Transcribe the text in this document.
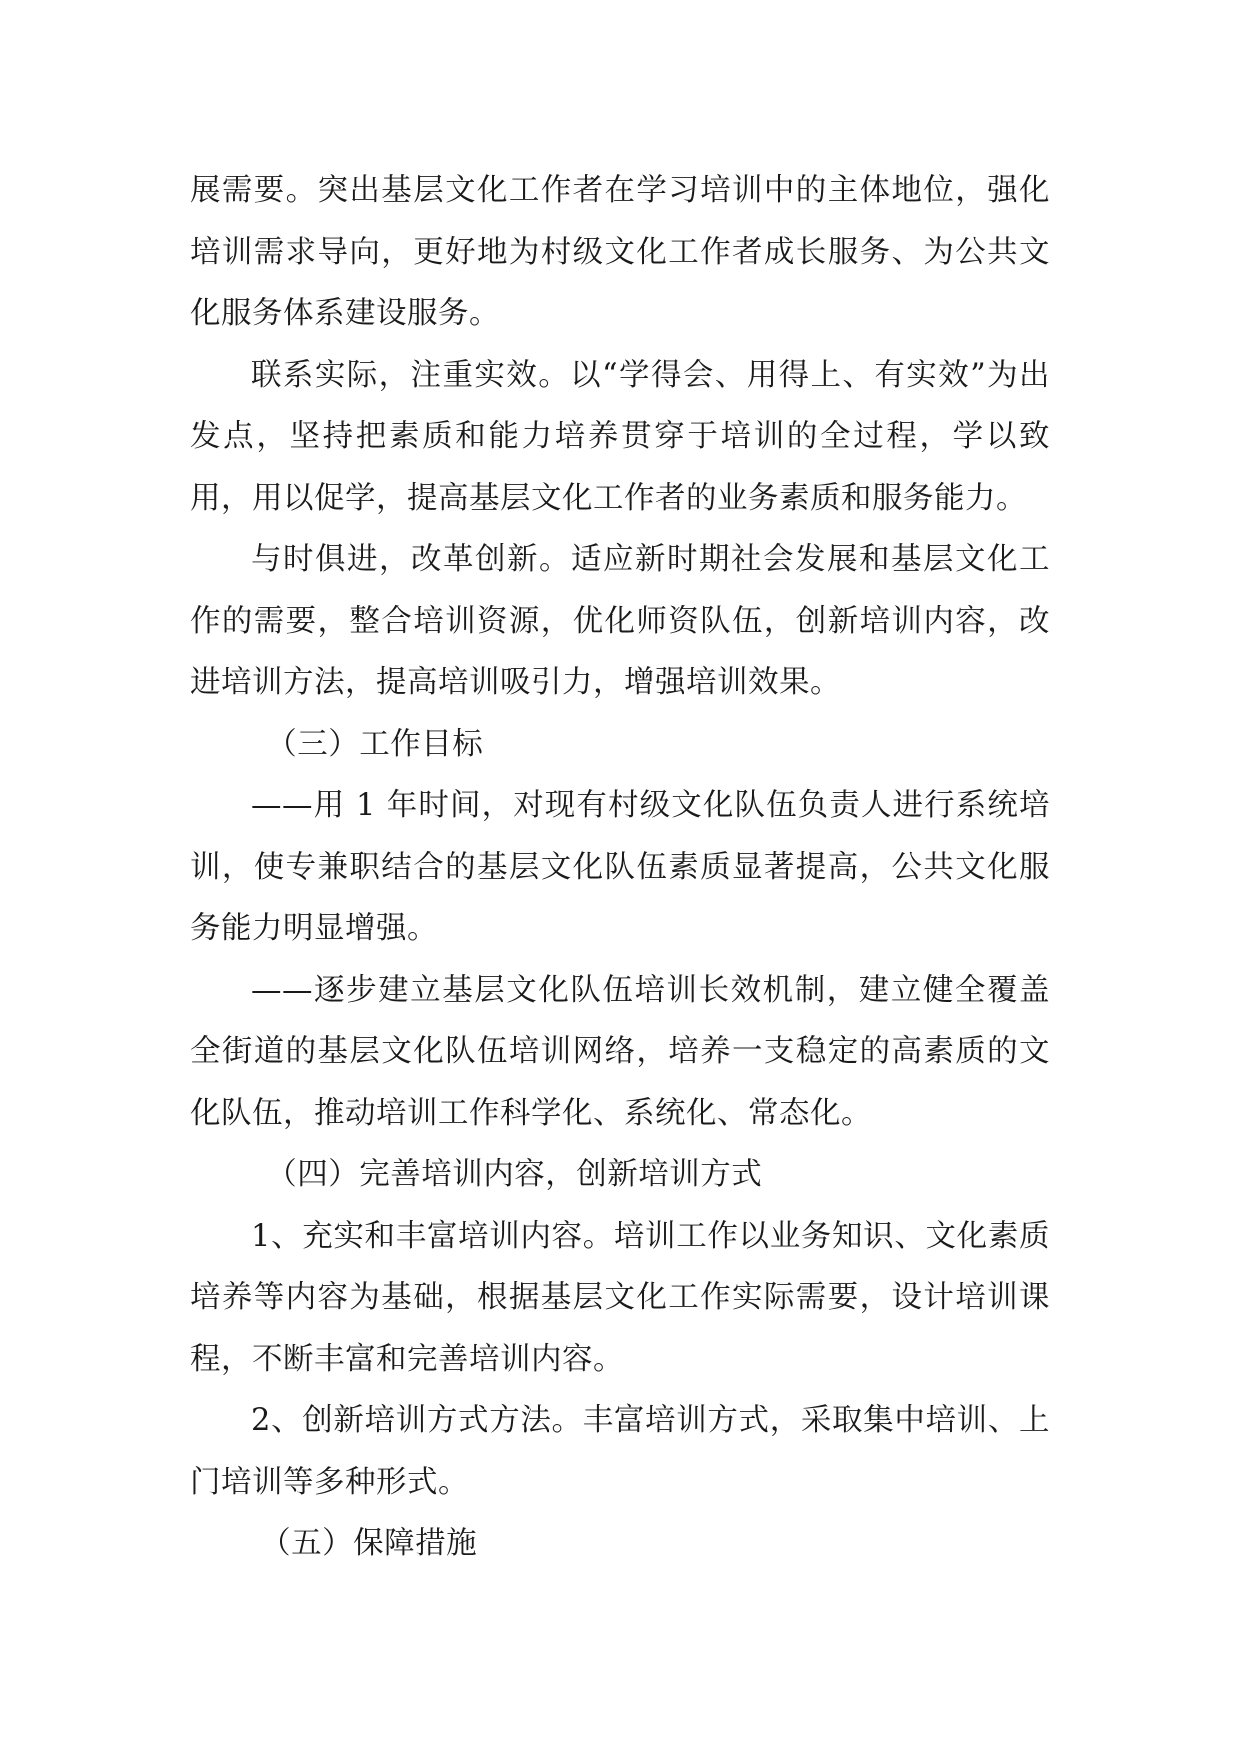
展需要。突出基层文化工作者在学习培训中的主体地位，强化培训需求导向，更好地为村级文化工作者成长服务、为公共文化服务体系建设服务。

联系实际，注重实效。以“学得会、用得上、有实效”为出发点，坚持把素质和能力培养贯穿于培训的全过程，学以致用，用以促学，提高基层文化工作者的业务素质和服务能力。

与时俱进，改革创新。适应新时期社会发展和基层文化工作的需要，整合培训资源，优化师资队伍，创新培训内容，改进培训方法，提高培训吸引力，增强培训效果。

（三）工作目标

——用 1 年时间，对现有村级文化队伍负责人进行系统培训，使专兼职结合的基层文化队伍素质显著提高，公共文化服务能力明显增强。

——逐步建立基层文化队伍培训长效机制，建立健全覆盖全街道的基层文化队伍培训网络，培养一支稳定的高素质的文化队伍，推动培训工作科学化、系统化、常态化。

（四）完善培训内容，创新培训方式

1、充实和丰富培训内容。培训工作以业务知识、文化素质培养等内容为基础，根据基层文化工作实际需要，设计培训课程，不断丰富和完善培训内容。

2、创新培训方式方法。丰富培训方式，采取集中培训、上门培训等多种形式。

（五）保障措施
